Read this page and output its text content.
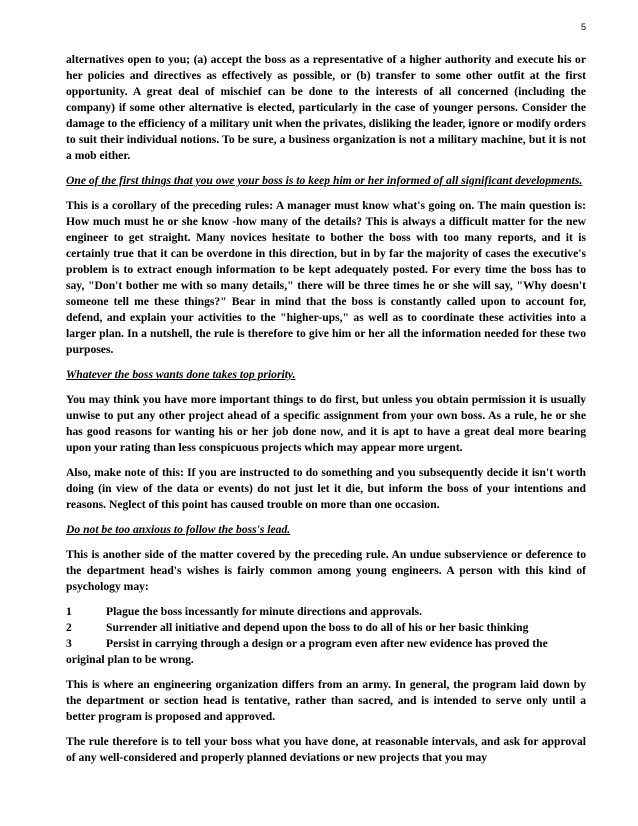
5

alternatives open to you; (a) accept the boss as a representative of a higher authority and execute his or her policies and directives as effectively as possible, or (b) transfer to some other outfit at the first opportunity. A great deal of mischief can be done to the interests of all concerned (including the company) if some other alternative is elected, particularly in the case of younger persons. Consider the damage to the efficiency of a military unit when the privates, disliking the leader, ignore or modify orders to suit their individual notions. To be sure, a business organization is not a military machine, but it is not a mob either.

One of the first things that you owe your boss is to keep him or her informed of all significant developments.

This is a corollary of the preceding rules: A manager must know what's going on. The main question is: How much must he or she know -how many of the details? This is always a difficult matter for the new engineer to get straight. Many novices hesitate to bother the boss with too many reports, and it is certainly true that it can be overdone in this direction, but in by far the majority of cases the executive's problem is to extract enough information to be kept adequately posted. For every time the boss has to say, "Don't bother me with so many details," there will be three times he or she will say, "Why doesn't someone tell me these things?" Bear in mind that the boss is constantly called upon to account for, defend, and explain your activities to the "higher-ups," as well as to coordinate these activities into a larger plan. In a nutshell, the rule is therefore to give him or her all the information needed for these two purposes.

Whatever the boss wants done takes top priority.

You may think you have more important things to do first, but unless you obtain permission it is usually unwise to put any other project ahead of a specific assignment from your own boss. As a rule, he or she has good reasons for wanting his or her job done now, and it is apt to have a great deal more bearing upon your rating than less conspicuous projects which may appear more urgent.

Also, make note of this: If you are instructed to do something and you subsequently decide it isn't worth doing (in view of the data or events) do not just let it die, but inform the boss of your intentions and reasons. Neglect of this point has caused trouble on more than one occasion.

Do not be too anxious to follow the boss's lead.

This is another side of the matter covered by the preceding rule. An undue subservience or deference to the department head's wishes is fairly common among young engineers. A person with this kind of psychology may:

1	Plague the boss incessantly for minute directions and approvals.
2	Surrender all initiative and depend upon the boss to do all of his or her basic thinking
3	Persist in carrying through a design or a program even after new evidence has proved the original plan to be wrong.

This is where an engineering organization differs from an army. In general, the program laid down by the department or section head is tentative, rather than sacred, and is intended to serve only until a better program is proposed and approved.

The rule therefore is to tell your boss what you have done, at reasonable intervals, and ask for approval of any well-considered and properly planned deviations or new projects that you may
